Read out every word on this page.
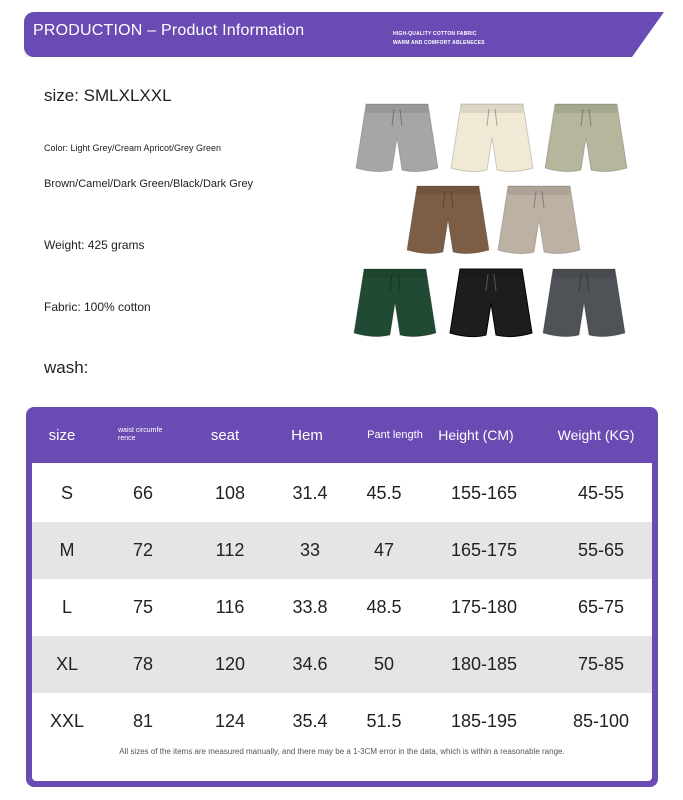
PRODUCTION – Product Information	HIGH-QUALITY COTTON FABRIC
WARM AND COMFORT ABLENECES
size: SMLXLXXL
Color: Light Grey/Cream Apricot/Grey Green
Brown/Camel/Dark Green/Black/Dark Grey
Weight: 425 grams
Fabric: 100% cotton
wash:
size	waist circumfe rence	seat	Hem	Pant length	Height (CM)	Weight (KG)
S	66	108	31.4	45.5	155-165	45-55
M	72	112	33	47	165-175	55-65
L	75	116	33.8	48.5	175-180	65-75
XL	78	120	34.6	50	180-185	75-85
XXL	81	124	35.4	51.5	185-195	85-100
All sizes of the items are measured manually, and there may be a 1-3CM error in the data, which is within a reasonable range.
